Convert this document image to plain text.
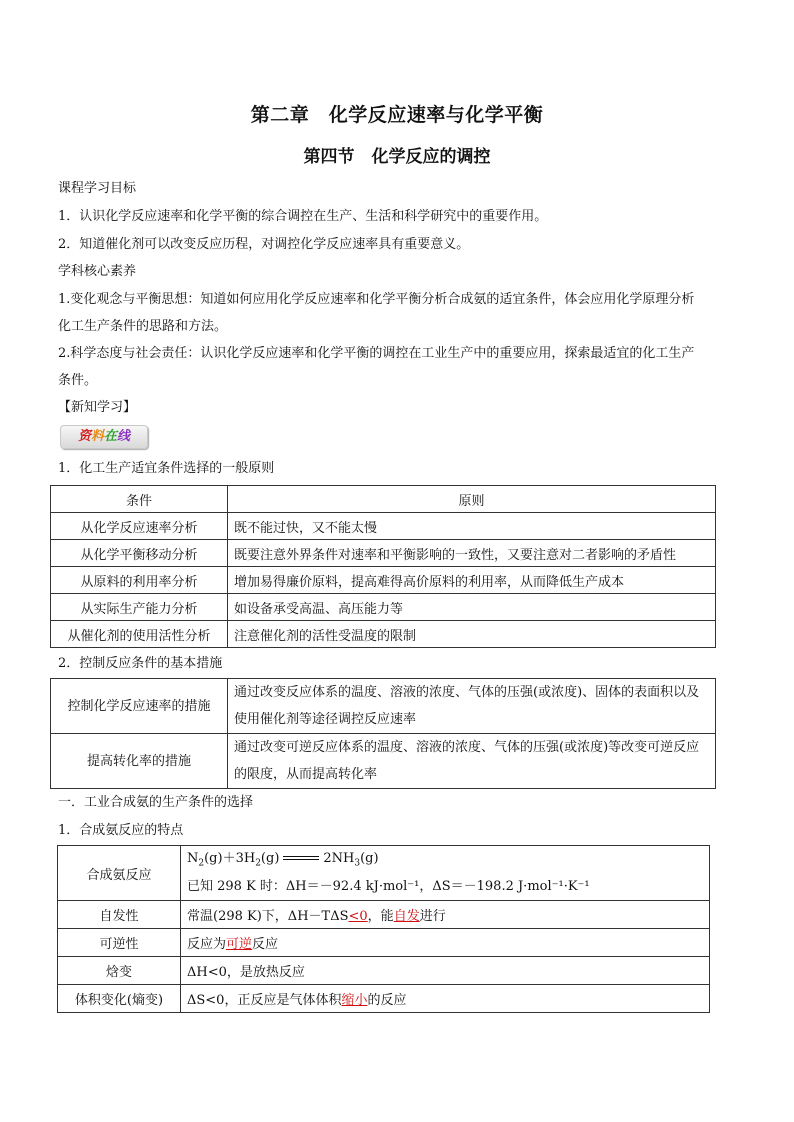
第二章　化学反应速率与化学平衡
第四节　化学反应的调控
课程学习目标
1．认识化学反应速率和化学平衡的综合调控在生产、生活和科学研究中的重要作用。
2．知道催化剂可以改变反应历程，对调控化学反应速率具有重要意义。
学科核心素养
1.变化观念与平衡思想：知道如何应用化学反应速率和化学平衡分析合成氨的适宜条件，体会应用化学原理分析
化工生产条件的思路和方法。
2.科学态度与社会责任：认识化学反应速率和化学平衡的调控在工业生产中的重要应用，探索最适宜的化工生产
条件。
【新知学习】
资料在线
1．化工生产适宜条件选择的一般原则
条件	原则
从化学反应速率分析	既不能过快，又不能太慢
从化学平衡移动分析	既要注意外界条件对速率和平衡影响的一致性，又要注意对二者影响的矛盾性
从原料的利用率分析	增加易得廉价原料，提高难得高价原料的利用率，从而降低生产成本
从实际生产能力分析	如设备承受高温、高压能力等
从催化剂的使用活性分析	注意催化剂的活性受温度的限制
2．控制反应条件的基本措施
控制化学反应速率的措施	通过改变反应体系的温度、溶液的浓度、气体的压强(或浓度)、固体的表面积以及使用催化剂等途径调控反应速率
提高转化率的措施	通过改变可逆反应体系的温度、溶液的浓度、气体的压强(或浓度)等改变可逆反应的限度，从而提高转化率
一．工业合成氨的生产条件的选择
1．合成氨反应的特点
合成氨反应	$N_2(g)+3H_2(g)$ $2NH_3(g)$
已知 298 K 时：ΔH＝－92.4 kJ·mol⁻¹，ΔS＝－198.2 J·mol⁻¹·K⁻¹

自发性	常温(298 K)下，ΔH－TΔS<0，能自发进行
可逆性	反应为可逆反应
焓变	ΔH<0，是放热反应
体积变化(熵变)	ΔS<0，正反应是气体体积缩小的反应
